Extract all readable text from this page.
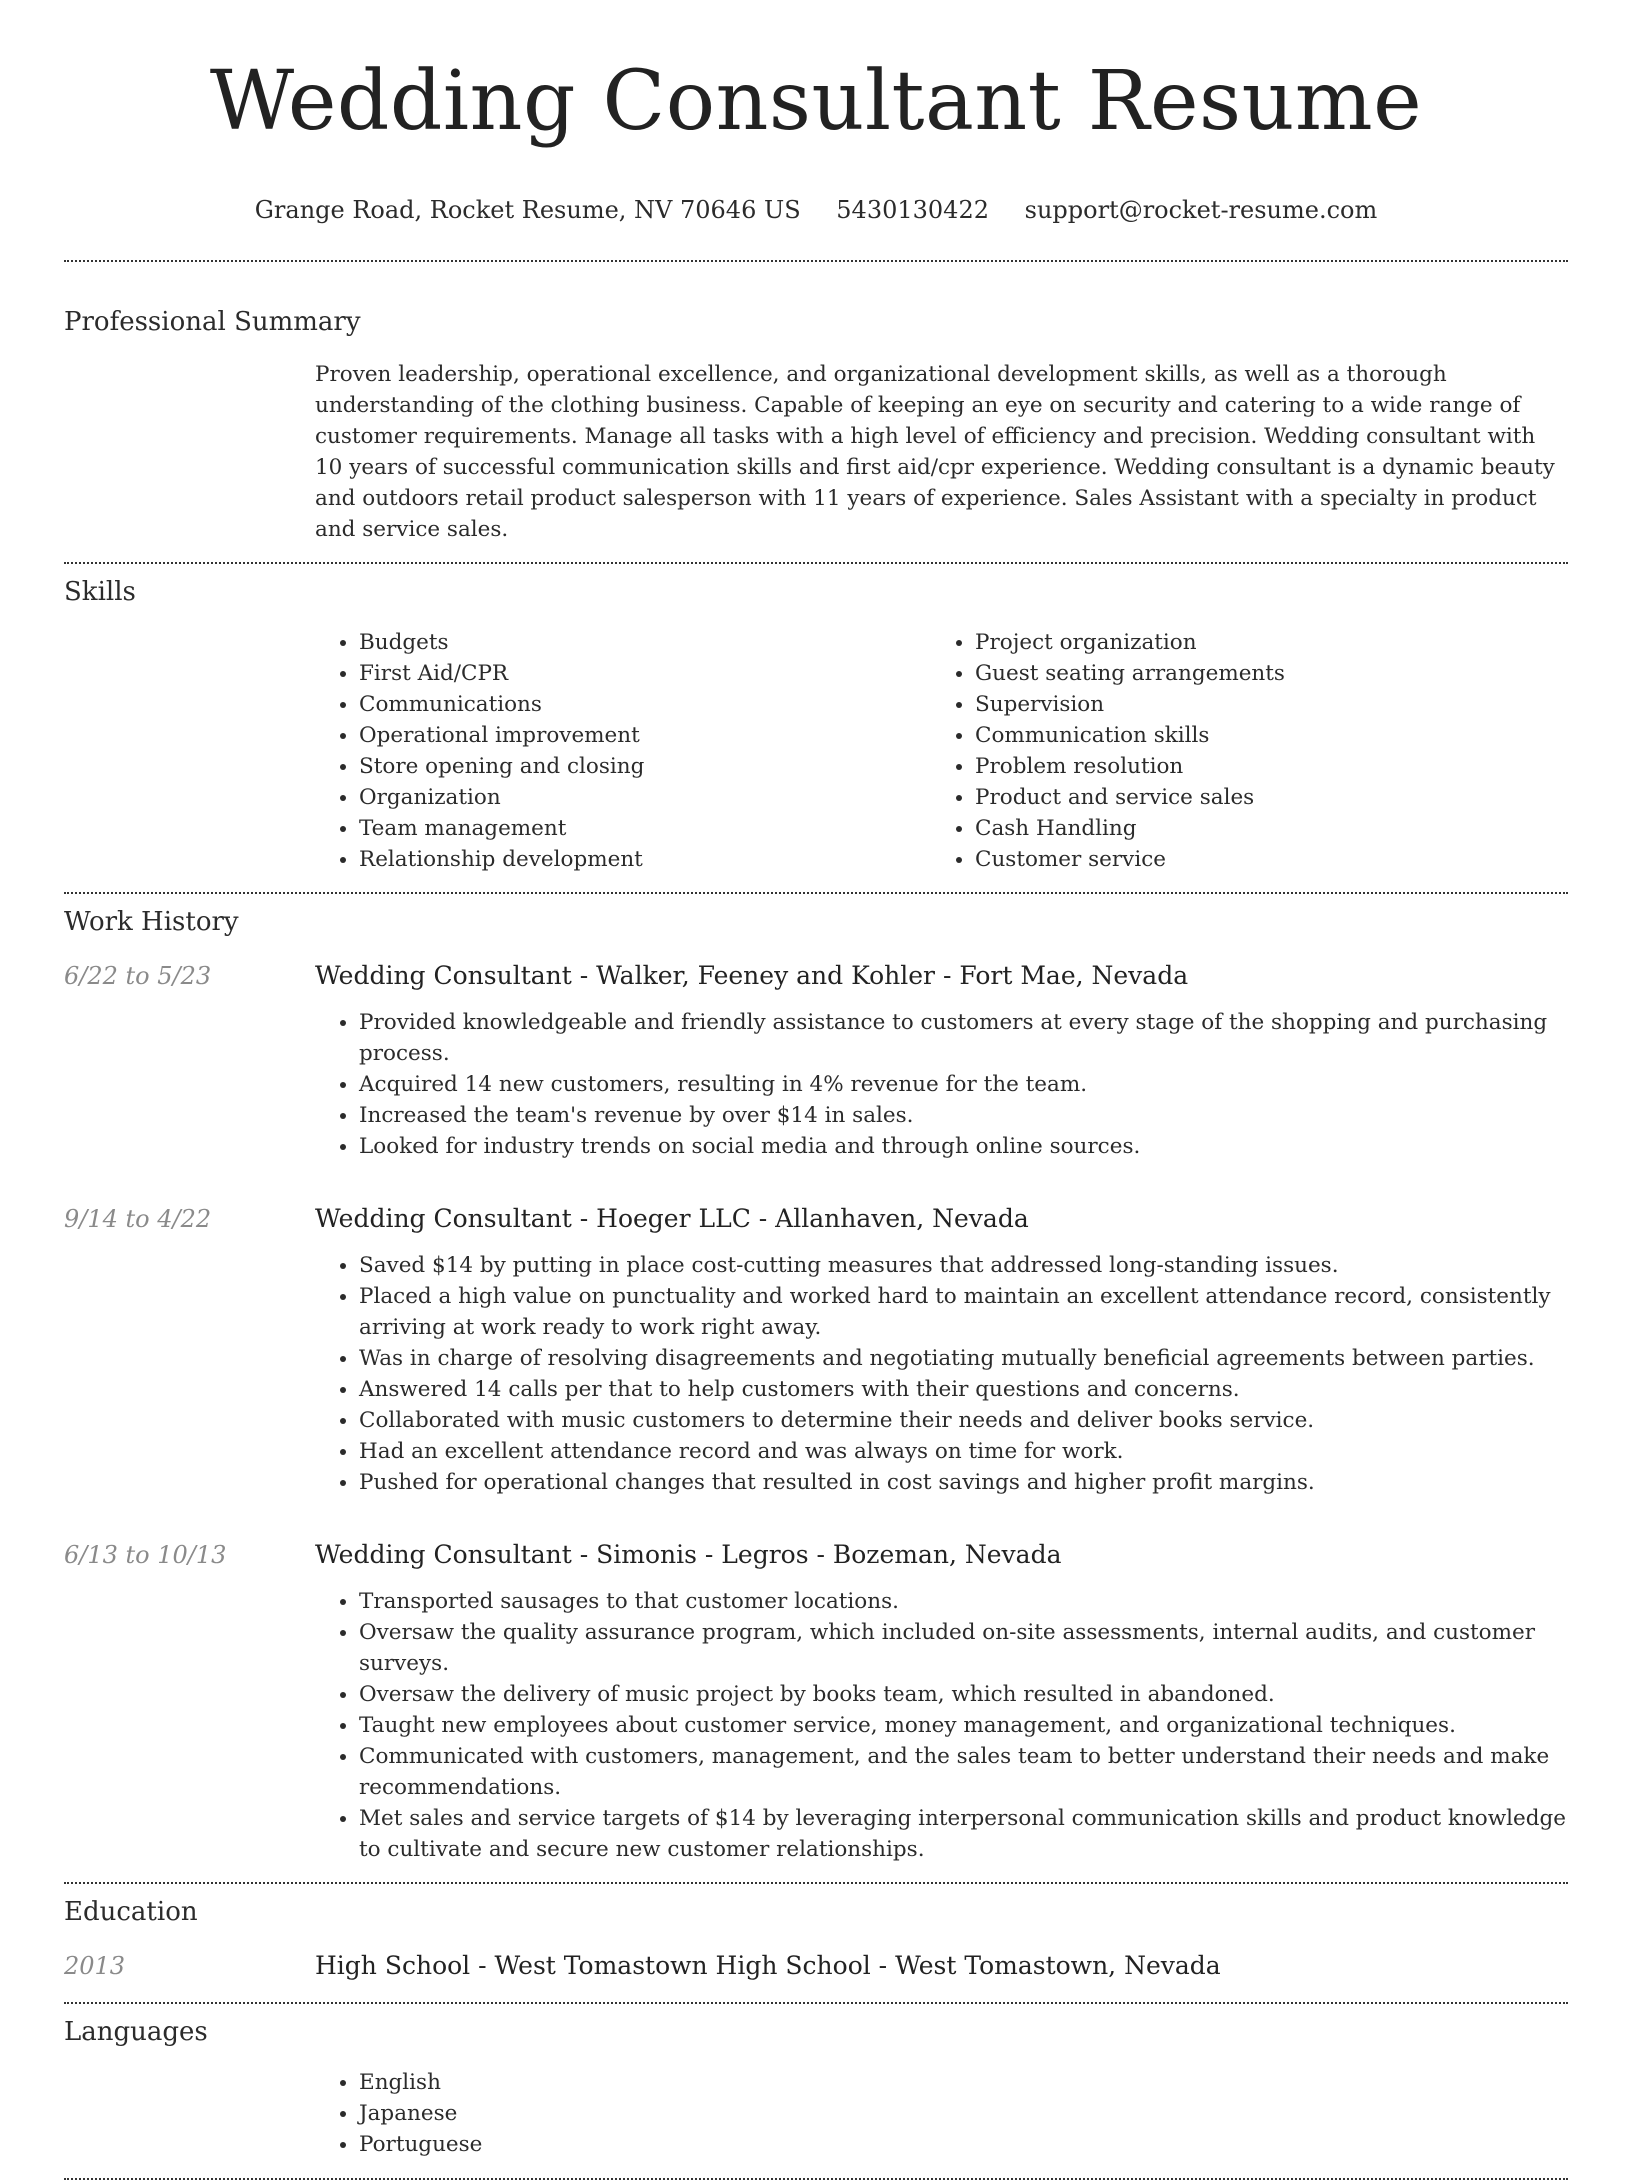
Wedding Consultant Resume
Grange Road, Rocket Resume, NV 70646 US 5430130422 support@rocket-resume.com
Professional Summary
Proven leadership, operational excellence, and organizational development skills, as well as a thorough understanding of the clothing business. Capable of keeping an eye on security and catering to a wide range of customer requirements. Manage all tasks with a high level of efficiency and precision. Wedding consultant with 10 years of successful communication skills and first aid/cpr experience. Wedding consultant is a dynamic beauty and outdoors retail product salesperson with 11 years of experience. Sales Assistant with a specialty in product and service sales.
Skills
• Budgets
• First Aid/CPR
• Communications
• Operational improvement
• Store opening and closing
• Organization
• Team management
• Relationship development
• Project organization
• Guest seating arrangements
• Supervision
• Communication skills
• Problem resolution
• Product and service sales
• Cash Handling
• Customer service
Work History
6/22 to 5/23	Wedding Consultant - Walker, Feeney and Kohler - Fort Mae, Nevada
• Provided knowledgeable and friendly assistance to customers at every stage of the shopping and purchasing process.
• Acquired 14 new customers, resulting in 4% revenue for the team.
• Increased the team's revenue by over $14 in sales.
• Looked for industry trends on social media and through online sources.
9/14 to 4/22	Wedding Consultant - Hoeger LLC - Allanhaven, Nevada
• Saved $14 by putting in place cost-cutting measures that addressed long-standing issues.
• Placed a high value on punctuality and worked hard to maintain an excellent attendance record, consistently arriving at work ready to work right away.
• Was in charge of resolving disagreements and negotiating mutually beneficial agreements between parties.
• Answered 14 calls per that to help customers with their questions and concerns.
• Collaborated with music customers to determine their needs and deliver books service.
• Had an excellent attendance record and was always on time for work.
• Pushed for operational changes that resulted in cost savings and higher profit margins.
6/13 to 10/13	Wedding Consultant - Simonis - Legros - Bozeman, Nevada
• Transported sausages to that customer locations.
• Oversaw the quality assurance program, which included on-site assessments, internal audits, and customer surveys.
• Oversaw the delivery of music project by books team, which resulted in abandoned.
• Taught new employees about customer service, money management, and organizational techniques.
• Communicated with customers, management, and the sales team to better understand their needs and make recommendations.
• Met sales and service targets of $14 by leveraging interpersonal communication skills and product knowledge to cultivate and secure new customer relationships.
Education
2013	High School - West Tomastown High School - West Tomastown, Nevada
Languages
• English
• Japanese
• Portuguese
